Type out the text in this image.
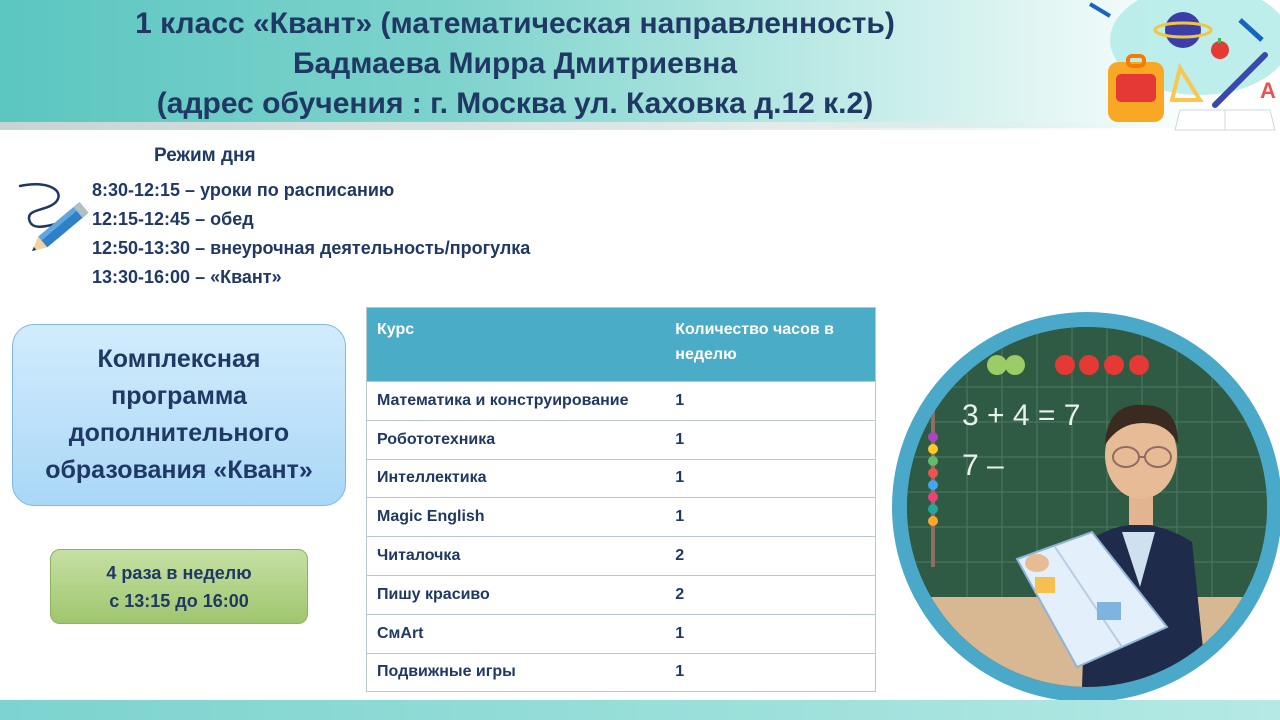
1 класс «Квант» (математическая направленность)
Бадмаева Мирра Дмитриевна
(адрес обучения : г. Москва ул. Каховка д.12 к.2)	A
Режим дня
8:30-12:15 – уроки по расписанию
12:15-12:45 – обед
12:50-13:30 – внеурочная деятельность/прогулка
13:30-16:00 – «Квант»
Комплексная
программа
дополнительного
образования «Квант»
4 раза в неделю
с 13:15 до 16:00
Курс	Количество часов в неделю
Математика и конструирование	1
Робототехника	1
Интеллектика	1
Magic English	1
Читалочка	2
Пишу красиво	2
СмArt	1
Подвижные игры	1
3 + 4 = 7
7 –
